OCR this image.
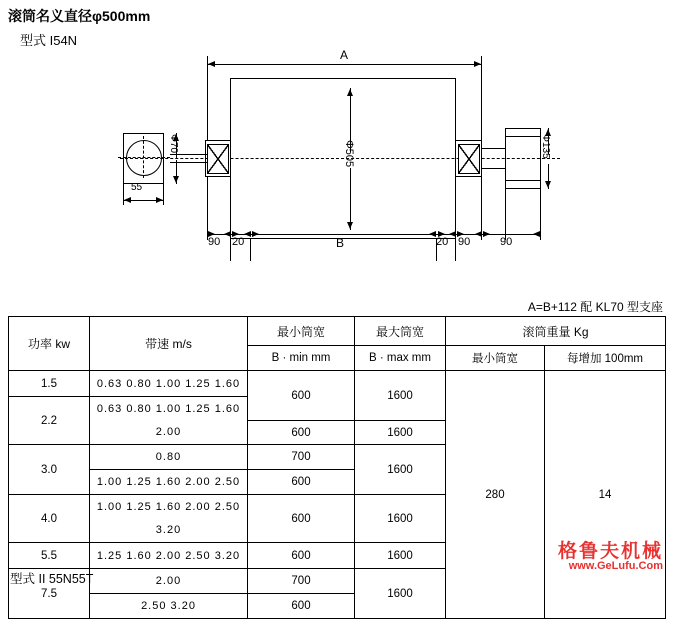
滚筒名义直径φ500mm
型式 I54N
Φ70
55
Φ135
Φ505
A
90 20	B	20 90	90
A=B+112 配 KL70 型支座
功率 kw	带速 m/s	最小筒宽	最大筒宽	滚筒重量 Kg	
		B · min mm	B · max mm	最小筒宽	每增加 100mm
1.5	0.63 0.80 1.00 1.25 1.60	600	1600	280	14
2.2	0.63 0.80 1.00 1.25 1.60				
	2.00	600	1600		
3.0	0.80	700	1600		
	1.00 1.25 1.60 2.00 2.50	600			
4.0	1.00 1.25 1.60 2.00 2.50	600	1600		
	3.20				
5.5	1.25 1.60 2.00 2.50 3.20	600	1600		
7.5	2.00	700	1600		
	2.50 3.20	600			
型式 II 55N55T
格鲁夫机械
www.GeLufu.Com
